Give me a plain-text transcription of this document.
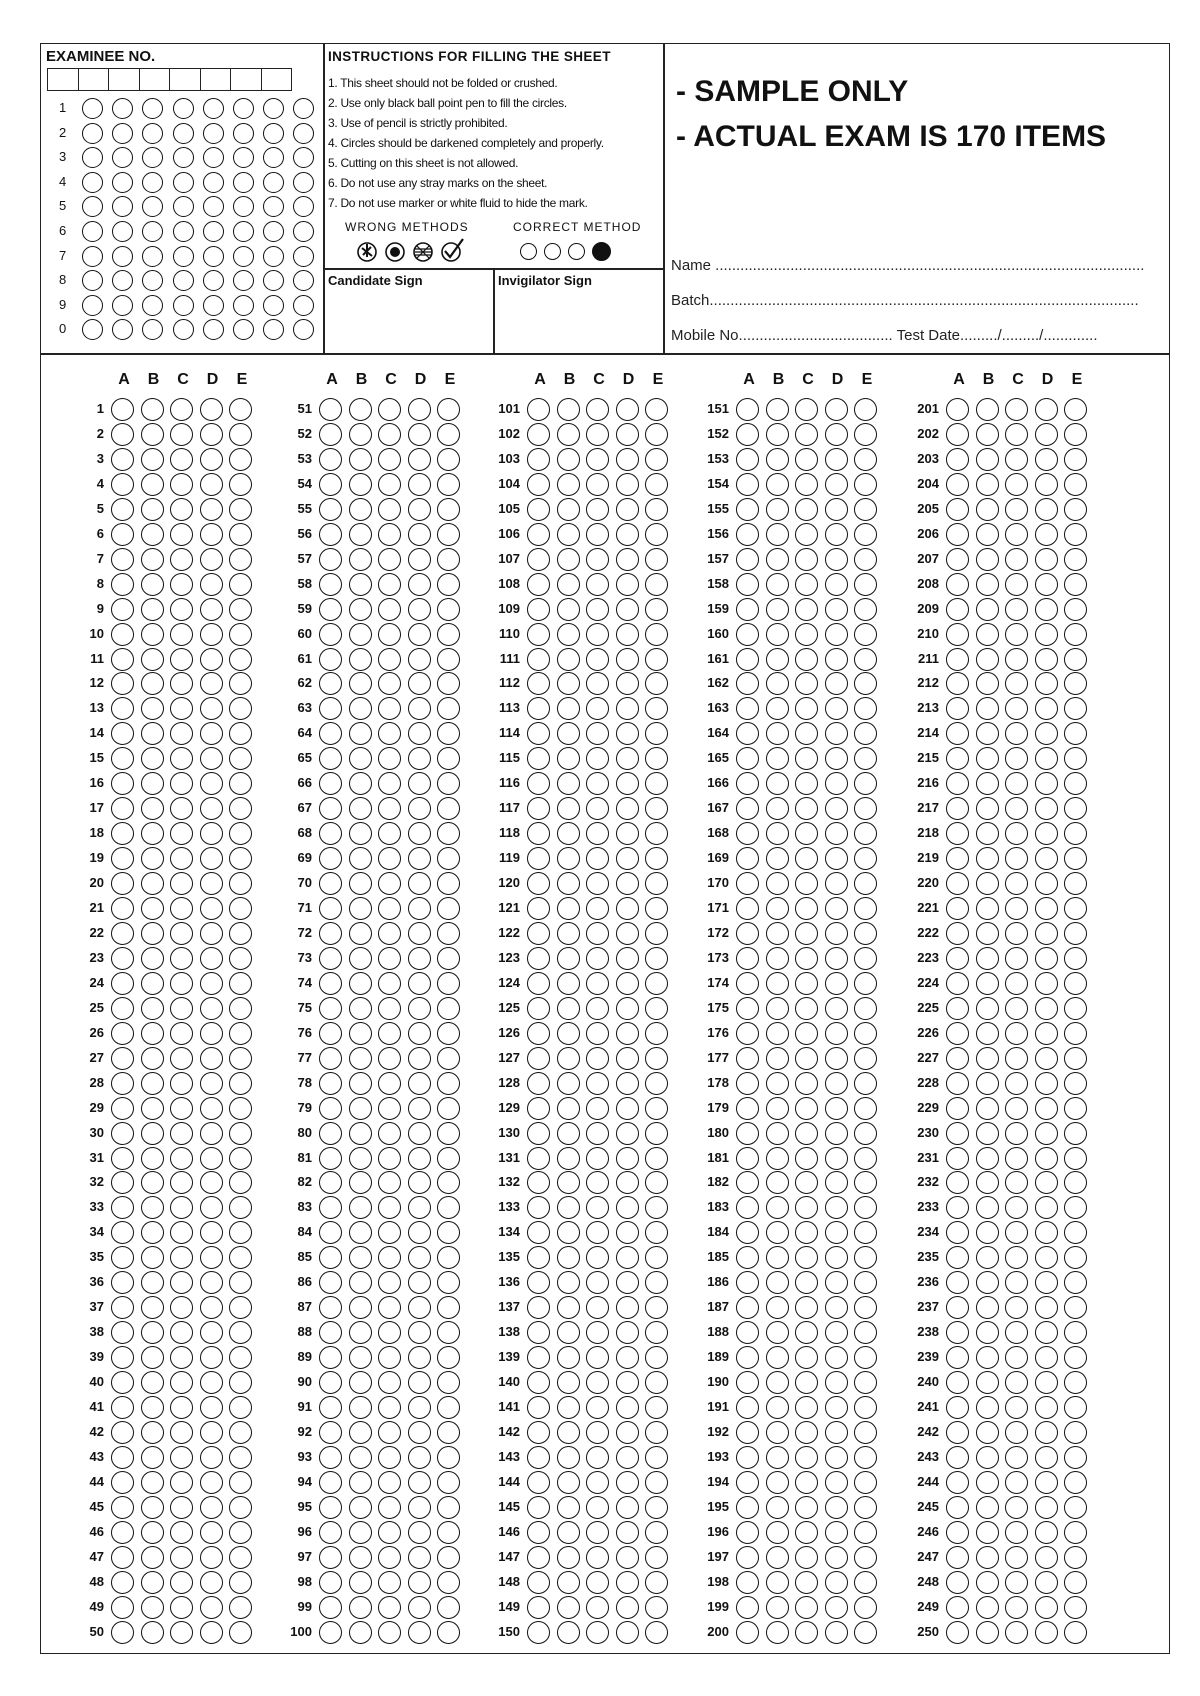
EXAMINEE NO.
1
2
3
4
5
6
7
8
9
0
INSTRUCTIONS FOR FILLING THE SHEET
1. This sheet should not be folded or crushed.
2. Use only black ball point pen to fill the circles.
3. Use of pencil is strictly prohibited.
4. Circles should be darkened completely and properly.
5. Cutting on this sheet is not allowed.
6. Do not use any stray marks on the sheet.
7. Do not use marker or white fluid to hide the mark.
WRONG METHODS	CORRECT METHOD
Candidate Sign	Invigilator Sign
- SAMPLE ONLY
- ACTUAL EXAM IS 170 ITEMS
Name .......................................................................................................
Batch.......................................................................................................
Mobile No..................................... Test Date........./........./.............
A	B	C	D	E
1
2
3
4
5
6
7
8
9
10
11
12
13
14
15
16
17
18
19
20
21
22
23
24
25
26
27
28
29
30
31
32
33
34
35
36
37
38
39
40
41
42
43
44
45
46
47
48
49
50
A	B	C	D	E
51
52
53
54
55
56
57
58
59
60
61
62
63
64
65
66
67
68
69
70
71
72
73
74
75
76
77
78
79
80
81
82
83
84
85
86
87
88
89
90
91
92
93
94
95
96
97
98
99
100
A	B	C	D	E
101
102
103
104
105
106
107
108
109
110
111
112
113
114
115
116
117
118
119
120
121
122
123
124
125
126
127
128
129
130
131
132
133
134
135
136
137
138
139
140
141
142
143
144
145
146
147
148
149
150
A	B	C	D	E
151
152
153
154
155
156
157
158
159
160
161
162
163
164
165
166
167
168
169
170
171
172
173
174
175
176
177
178
179
180
181
182
183
184
185
186
187
188
189
190
191
192
193
194
195
196
197
198
199
200
A	B	C	D	E
201
202
203
204
205
206
207
208
209
210
211
212
213
214
215
216
217
218
219
220
221
222
223
224
225
226
227
228
229
230
231
232
233
234
235
236
237
238
239
240
241
242
243
244
245
246
247
248
249
250
